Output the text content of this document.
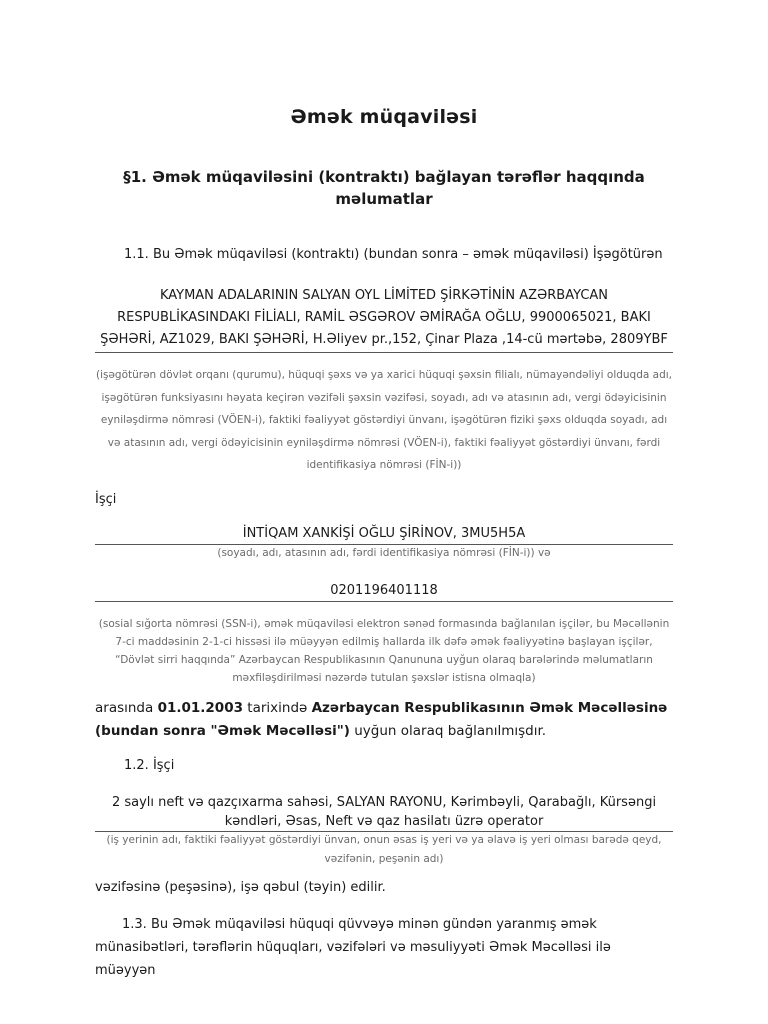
Əmək müqaviləsi
§1. Əmək müqaviləsini (kontraktı) bağlayan tərəflər haqqında məlumatlar
1.1. Bu Əmək müqaviləsi (kontraktı) (bundan sonra – əmək müqaviləsi) İşəgötürən
KAYMAN ADALARININ SALYAN OYL LİMİTED ŞİRKƏTİNİN AZƏRBAYCAN RESPUBLİKASINDAKI FİLİALI, RAMİL ƏSGƏROV ƏMİRAĞA OĞLU, 9900065021, BAKI ŞƏHƏRİ, AZ1029, BAKI ŞƏHƏRİ, H.Əliyev pr.,152, Çinar Plaza ,14-cü mərtəbə, 2809YBF
(işəgötürən dövlət orqanı (qurumu), hüquqi şəxs və ya xarici hüquqi şəxsin filialı, nümayəndəliyi olduqda adı, işəgötürən funksiyasını həyata keçirən vəzifəli şəxsin vəzifəsi, soyadı, adı və atasının adı, vergi ödəyicisinin eyniləşdirmə nömrəsi (VÖEN-i), faktiki fəaliyyət göstərdiyi ünvanı, işəgötürən fiziki şəxs olduqda soyadı, adı və atasının adı, vergi ödəyicisinin eyniləşdirmə nömrəsi (VÖEN-i), faktiki fəaliyyət göstərdiyi ünvanı, fərdi identifikasiya nömrəsi (FİN-i))
İşçi
İNTİQAM XANKİŞİ OĞLU ŞİRİNOV, 3MU5H5A
(soyadı, adı, atasının adı, fərdi identifikasiya nömrəsi (FİN-i)) və
0201196401118
(sosial sığorta nömrəsi (SSN-i), əmək müqaviləsi elektron sənəd formasında bağlanılan işçilər, bu Məcəllənin 7-ci maddəsinin 2-1-ci hissəsi ilə müəyyən edilmiş hallarda ilk dəfə əmək fəaliyyətinə başlayan işçilər, “Dövlət sirri haqqında” Azərbaycan Respublikasının Qanununa uyğun olaraq barələrində məlumatların məxfiləşdirilməsi nəzərdə tutulan şəxslər istisna olmaqla)
arasında 01.01.2003 tarixində Azərbaycan Respublikasının Əmək Məcəlləsinə (bundan sonra "Əmək Məcəlləsi") uyğun olaraq bağlanılmışdır.
1.2. İşçi
2 saylı neft və qazçıxarma sahəsi, SALYAN RAYONU, Kərimbəyli, Qarabağlı, Kürsəngi kəndləri, Əsas, Neft və qaz hasilatı üzrə operator
(iş yerinin adı, faktiki fəaliyyət göstərdiyi ünvan, onun əsas iş yeri və ya əlavə iş yeri olması barədə qeyd, vəzifənin, peşənin adı)
vəzifəsinə (peşəsinə), işə qəbul (təyin) edilir.
1.3. Bu Əmək müqaviləsi hüquqi qüvvəyə minən gündən yaranmış əmək münasibətləri, tərəflərin hüquqları, vəzifələri və məsuliyyəti Əmək Məcəlləsi ilə müəyyən
